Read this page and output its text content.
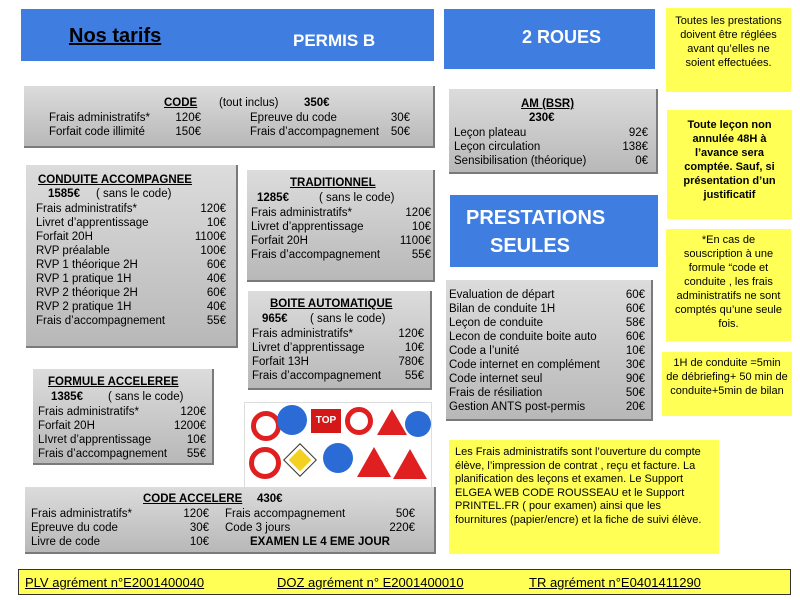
Nos tarifs	PERMIS B	2 ROUES
CODE (tout inclus) 350€
Frais administratifs* 120€
Forfait code illimité	150€
Epreuve du code	30€
Frais d’accompagnement 50€
CONDUITE ACCOMPAGNEE
1585€ ( sans le code)
Frais administratifs*	120€
Livret d’apprentissage	10€
Forfait 20H	1100€
RVP préalable	100€
RVP 1 théorique 2H	60€
RVP 1 pratique 1H	40€
RVP 2 théorique 2H	60€
RVP 2 pratique 1H	40€
Frais d’accompagnement	55€
TRADITIONNEL
1285€	( sans le code)
Frais administratifs*	120€
Livret d’apprentissage	10€
Forfait 20H	1100€
Frais d’accompagnement	55€
BOITE AUTOMATIQUE
965€ ( sans le code)
Frais administratifs*	120€
Livret d’apprentissage	10€
Forfait 13H	780€
Frais d’accompagnement 55€
FORMULE ACCELEREE
1385€ ( sans le code)
Frais administratifs*	120€
Forfait 20H	1200€
LIvret d’apprentissage	10€
Frais d’accompagnement 55€
TOP
CODE ACCELERE 430€
Frais administratifs*	120€
Epreuve du code	30€
Livre de code	10€
Frais accompagnement	50€
Code 3 jours	220€
EXAMEN LE 4 EME JOUR
AM (BSR)
230€
Leçon plateau	92€
Leçon circulation	138€
Sensibilisation (théorique)	0€
PRESTATIONS
SEULES
Evaluation de départ	60€
Bilan de conduite 1H	60€
Leçon de conduite	58€
Lecon de conduite boite auto	60€
Code a l’unité	10€
Code internet en complément 30€
Code internet seul	90€
Frais de résiliation	50€
Gestion ANTS post-permis	20€
Toutes les prestations doivent être réglées avant qu’elles ne soient effectuées.
Toute leçon non annulée 48H à l’avance sera comptée. Sauf, si présentation d’un justificatif
*En cas de souscription à une formule “code et conduite , les frais administratifs ne sont comptés qu’une seule fois.
1H de conduite =5min de débriefing+ 50 min de conduite+5min de bilan
Les Frais administratifs sont l’ouverture du compte élève, l’impression de contrat , reçu et facture. La planification des leçons et examen. Le Support ELGEA WEB CODE ROUSSEAU et le Support PRINTEL.FR ( pour examen) ainsi que les fournitures (papier/encre) et la fiche de suivi élève.
PLV agrément n°E2001400040	DOZ agrément n° E2001400010	TR agrément n°E0401411290
